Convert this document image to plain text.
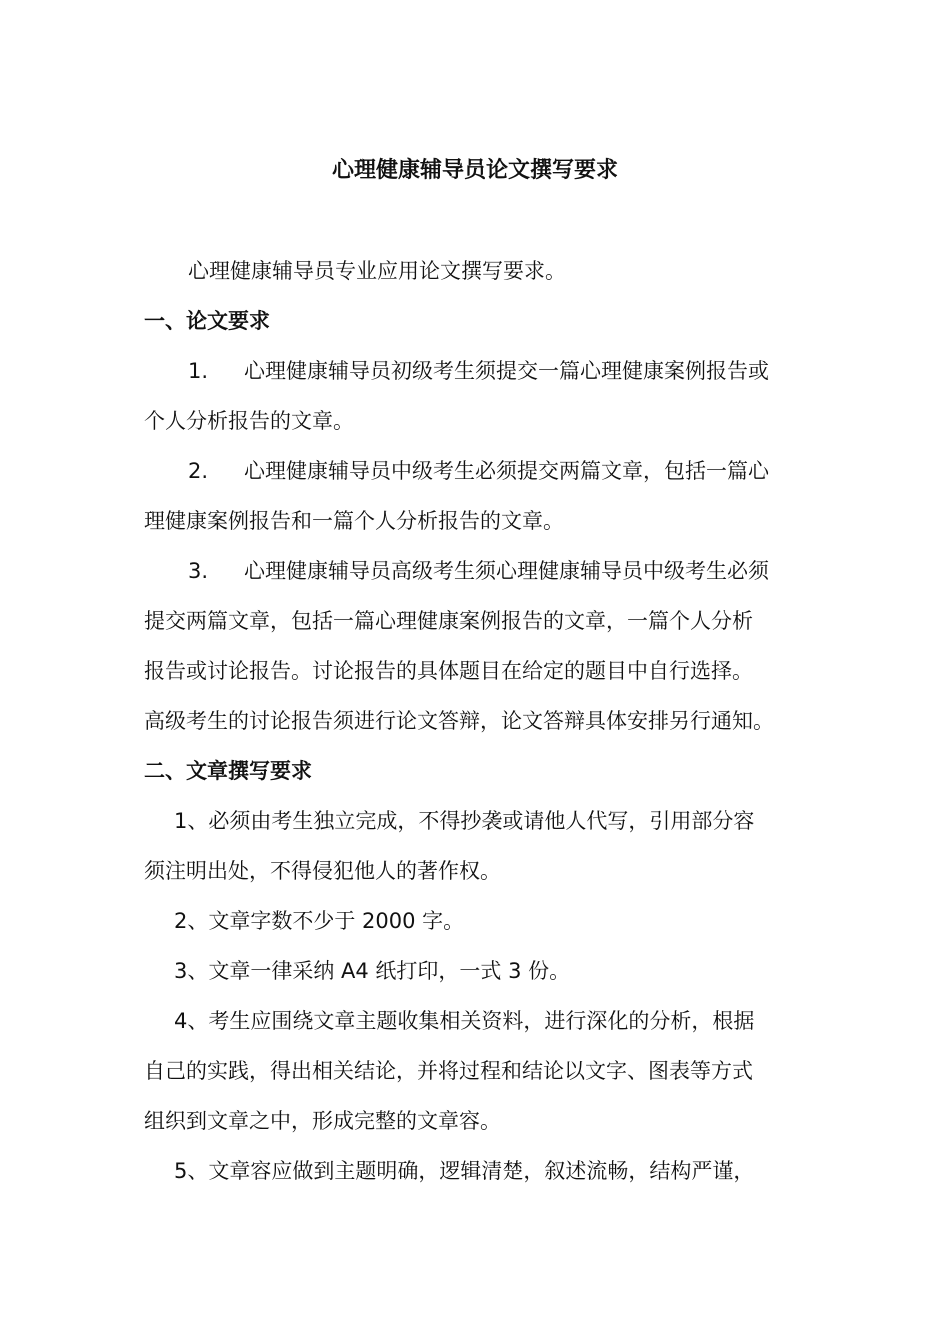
心理健康辅导员论文撰写要求

心理健康辅导员专业应用论文撰写要求。

一、论文要求

1. 心理健康辅导员初级考生须提交一篇心理健康案例报告或

个人分析报告的文章。

2. 心理健康辅导员中级考生必须提交两篇文章，包括一篇心

理健康案例报告和一篇个人分析报告的文章。

3. 心理健康辅导员高级考生须心理健康辅导员中级考生必须

提交两篇文章，包括一篇心理健康案例报告的文章，一篇个人分析

报告或讨论报告。讨论报告的具体题目在给定的题目中自行选择。

高级考生的讨论报告须进行论文答辩，论文答辩具体安排另行通知。

二、文章撰写要求

1、必须由考生独立完成，不得抄袭或请他人代写，引用部分容

须注明出处，不得侵犯他人的著作权。

2、文章字数不少于 2000 字。

3、文章一律采纳 A4 纸打印，一式 3 份。

4、考生应围绕文章主题收集相关资料，进行深化的分析，根据

自己的实践，得出相关结论，并将过程和结论以文字、图表等方式

组织到文章之中，形成完整的文章容。

5、文章容应做到主题明确，逻辑清楚，叙述流畅，结构严谨，
